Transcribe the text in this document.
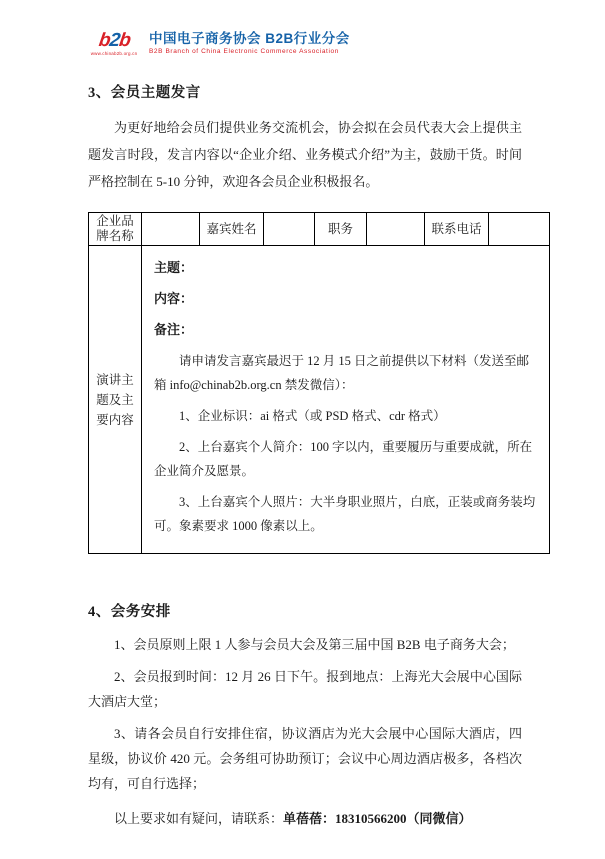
b2b
www.chinab2b.org.cn
中国电子商务协会 B2B行业分会
B2B Branch of China Electronic Commerce Association
3、会员主题发言
为更好地给会员们提供业务交流机会，协会拟在会员代表大会上提供主题发言时段，发言内容以“企业介绍、业务模式介绍”为主，鼓励干货。时间严格控制在 5-10 分钟，欢迎各会员企业积极报名。
企业品牌名称		嘉宾姓名		职务		联系电话	
演讲主题及主要内容	

主题：

内容：

备注：

请申请发言嘉宾最迟于 12 月 15 日之前提供以下材料（发送至邮箱 info@chinab2b.org.cn 禁发微信）：

1、企业标识：ai 格式（或 PSD 格式、cdr 格式）

2、上台嘉宾个人简介：100 字以内，重要履历与重要成就，所在企业简介及愿景。

3、上台嘉宾个人照片：大半身职业照片，白底，正装或商务装均可。象素要求 1000 像素以上。

4、会务安排
1、会员原则上限 1 人参与会员大会及第三届中国 B2B 电子商务大会；
2、会员报到时间：12 月 26 日下午。报到地点：上海光大会展中心国际大酒店大堂；
3、请各会员自行安排住宿，协议酒店为光大会展中心国际大酒店，四星级，协议价 420 元。会务组可协助预订；会议中心周边酒店极多，各档次均有，可自行选择；
以上要求如有疑问，请联系：单蓓蓓：18310566200（同微信）
